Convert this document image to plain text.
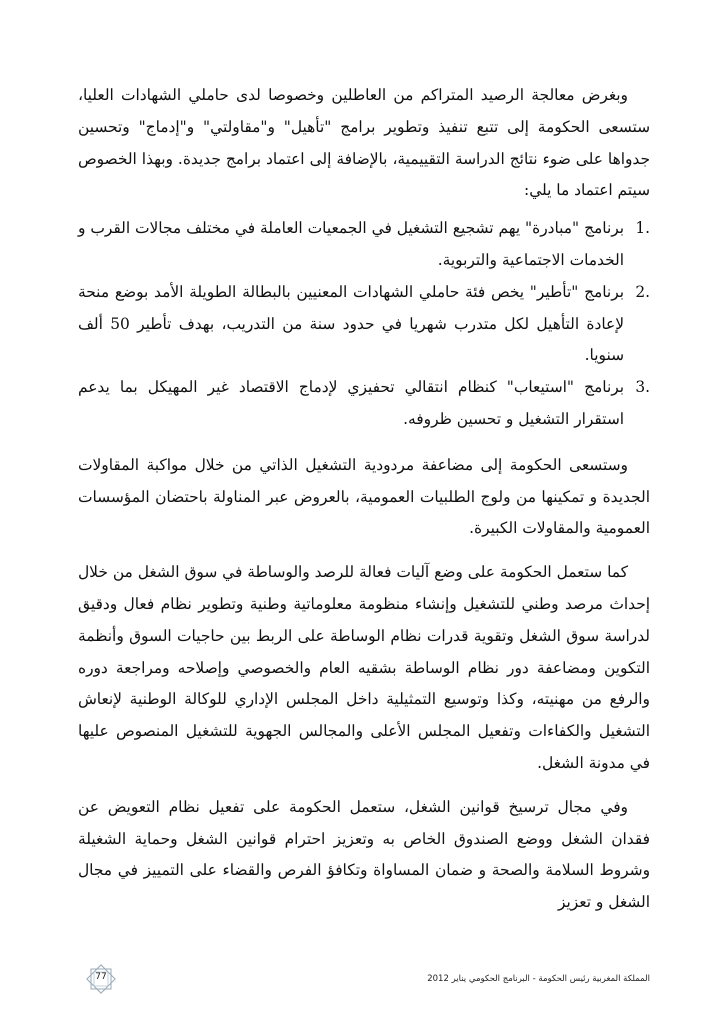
وبغرض معالجة الرصيد المتراكم من العاطلين وخصوصا لدى حاملي الشهادات العليا، ستسعى الحكومة إلى تتبع تنفيذ وتطوير برامج "تأهيل" و"مقاولتي" و"إدماج" وتحسين جدواها على ضوء نتائج الدراسة التقييمية، بالإضافة إلى اعتماد برامج جديدة. وبهذا الخصوص سيتم اعتماد ما يلي:

1.
برنامج "مبادرة" يهم تشجيع التشغيل في الجمعيات العاملة في مختلف مجالات القرب و الخدمات الاجتماعية والتربوية.
2.
برنامج "تأطير" يخص فئة حاملي الشهادات المعنيين بالبطالة الطويلة الأمد بوضع منحة لإعادة التأهيل لكل متدرب شهريا في حدود سنة من التدريب، بهدف تأطير 50 ألف سنويا.
3.
برنامج "استيعاب" كنظام انتقالي تحفيزي لإدماج الاقتصاد غير المهيكل بما يدعم استقرار التشغيل و تحسين ظروفه.

وستسعى الحكومة إلى مضاعفة مردودية التشغيل الذاتي من خلال مواكبة المقاولات الجديدة و تمكينها من ولوج الطلبيات العمومية، بالعروض عبر المناولة باحتضان المؤسسات العمومية والمقاولات الكبيرة.

كما ستعمل الحكومة على وضع آليات فعالة للرصد والوساطة في سوق الشغل من خلال إحداث مرصد وطني للتشغيل وإنشاء منظومة معلوماتية وطنية وتطوير نظام فعال ودقيق لدراسة سوق الشغل وتقوية قدرات نظام الوساطة على الربط بين حاجيات السوق وأنظمة التكوين ومضاعفة دور نظام الوساطة بشقيه العام والخصوصي وإصلاحه ومراجعة دوره والرفع من مهنيته، وكذا وتوسيع التمثيلية داخل المجلس الإداري للوكالة الوطنية لإنعاش التشغيل والكفاءات وتفعيل المجلس الأعلى والمجالس الجهوية للتشغيل المنصوص عليها في مدونة الشغل.

وفي مجال ترسيخ قوانين الشغل، ستعمل الحكومة على تفعيل نظام التعويض عن فقدان الشغل ووضع الصندوق الخاص به وتعزيز احترام قوانين الشغل وحماية الشغيلة وشروط السلامة والصحة و ضمان المساواة وتكافؤ الفرص والقضاء على التمييز في مجال الشغل و تعزيز

77	المملكة المغربية رئيس الحكومة - البرنامج الحكومي يناير 2012
